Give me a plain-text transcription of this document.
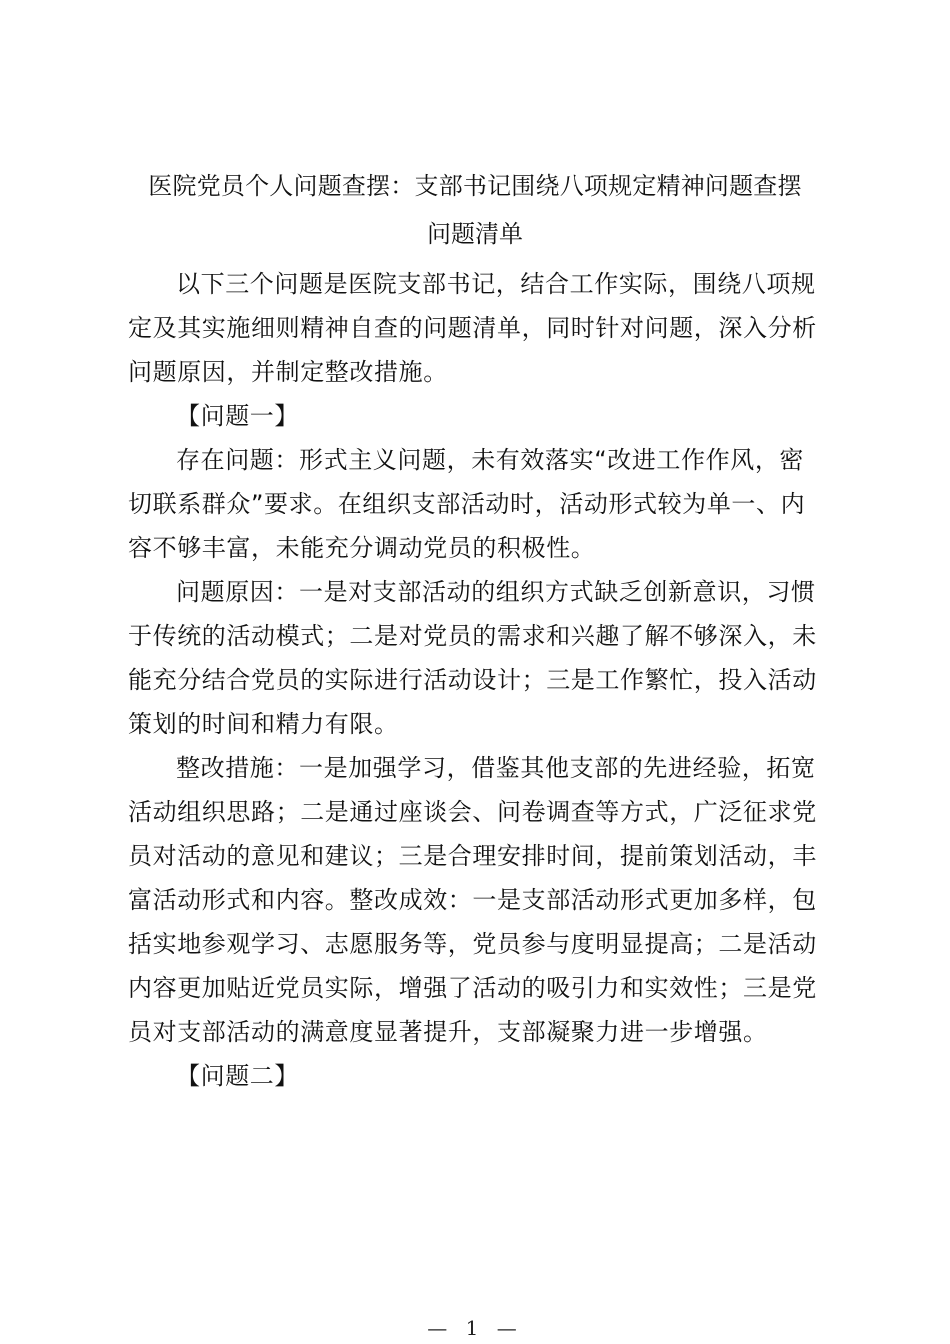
医院党员个人问题查摆：支部书记围绕八项规定精神问题查摆
问题清单

以下三个问题是医院支部书记，结合工作实际，围绕八项规定及其实施细则精神自查的问题清单，同时针对问题，深入分析问题原因，并制定整改措施。

【问题一】

存在问题：形式主义问题，未有效落实“改进工作作风，密切联系群众”要求。在组织支部活动时，活动形式较为单一、内容不够丰富，未能充分调动党员的积极性。

问题原因：一是对支部活动的组织方式缺乏创新意识，习惯于传统的活动模式；二是对党员的需求和兴趣了解不够深入，未能充分结合党员的实际进行活动设计；三是工作繁忙，投入活动策划的时间和精力有限。

整改措施：一是加强学习，借鉴其他支部的先进经验，拓宽活动组织思路；二是通过座谈会、问卷调查等方式，广泛征求党员对活动的意见和建议；三是合理安排时间，提前策划活动，丰富活动形式和内容。整改成效：一是支部活动形式更加多样，包括实地参观学习、志愿服务等，党员参与度明显提高；二是活动内容更加贴近党员实际，增强了活动的吸引力和实效性；三是党员对支部活动的满意度显著提升，支部凝聚力进一步增强。

【问题二】

— 1 —
